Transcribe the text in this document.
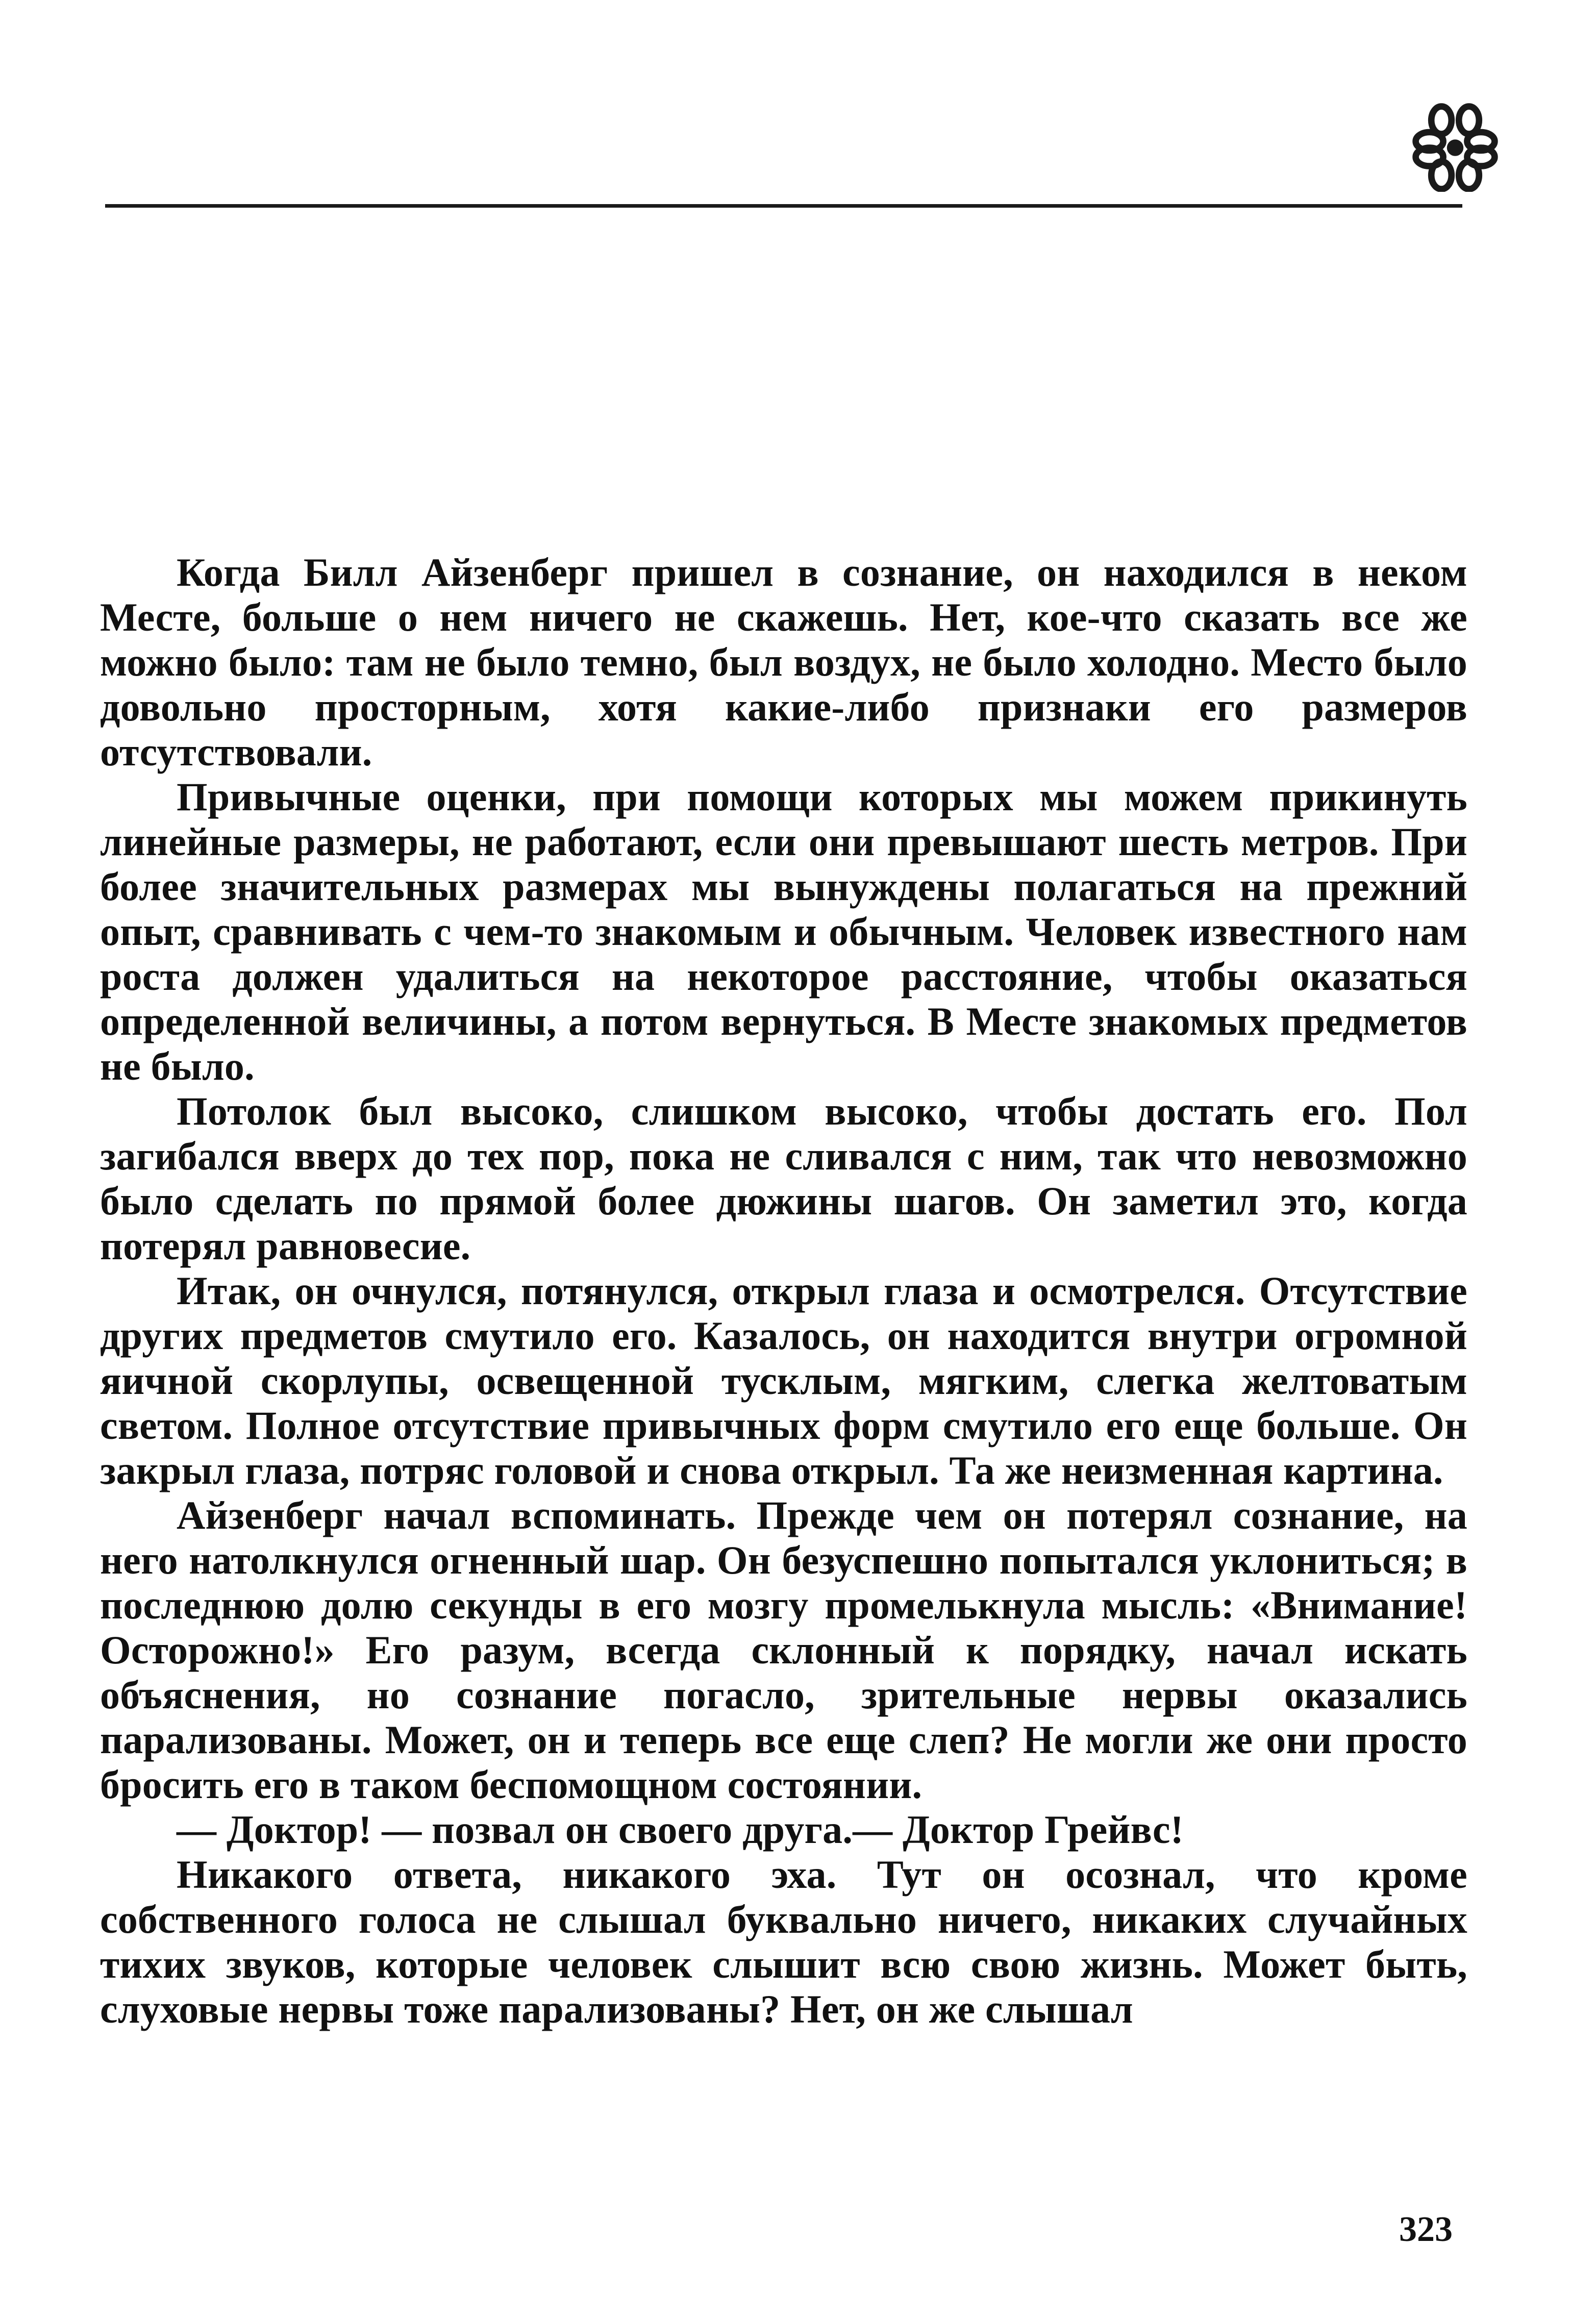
Когда Билл Айзенберг пришел в сознание, он находился в неком Месте, больше о нем ничего не скажешь. Нет, кое-что сказать все же можно было: там не было темно, был воздух, не было холодно. Место было довольно просторным, хотя какие-либо признаки его размеров отсутствовали.

Привычные оценки, при помощи которых мы можем прикинуть линейные размеры, не работают, если они превышают шесть метров. При более значительных размерах мы вынуждены полагаться на прежний опыт, сравнивать с чем-то знакомым и обычным. Человек известного нам роста должен удалиться на некоторое расстояние, чтобы оказаться определенной величины, а потом вернуться. В Месте знакомых предметов не было.

Потолок был высоко, слишком высоко, чтобы достать его. Пол загибался вверх до тех пор, пока не сливался с ним, так что невозможно было сделать по прямой более дюжины шагов. Он заметил это, когда потерял равновесие.

Итак, он очнулся, потянулся, открыл глаза и осмотрелся. Отсутствие других предметов смутило его. Казалось, он находится внутри огромной яичной скорлупы, освещенной тусклым, мягким, слегка желтоватым светом. Полное отсутствие привычных форм смутило его еще больше. Он закрыл глаза, потряс головой и снова открыл. Та же неизменная картина.

Айзенберг начал вспоминать. Прежде чем он потерял сознание, на него натолкнулся огненный шар. Он безуспешно попытался уклониться; в последнюю долю секунды в его мозгу промелькнула мысль: «Внимание! Осторожно!» Его разум, всегда склонный к порядку, начал искать объяснения, но сознание погасло, зрительные нервы оказались парализованы. Может, он и теперь все еще слеп? Не могли же они просто бросить его в таком беспомощном состоянии.

— Доктор! — позвал он своего друга.— Доктор Грейвс!

Никакого ответа, никакого эха. Тут он осознал, что кроме собственного голоса не слышал буквально ничего, никаких случайных тихих звуков, которые человек слышит всю свою жизнь. Может быть, слуховые нервы тоже парализованы? Нет, он же слышал

323
